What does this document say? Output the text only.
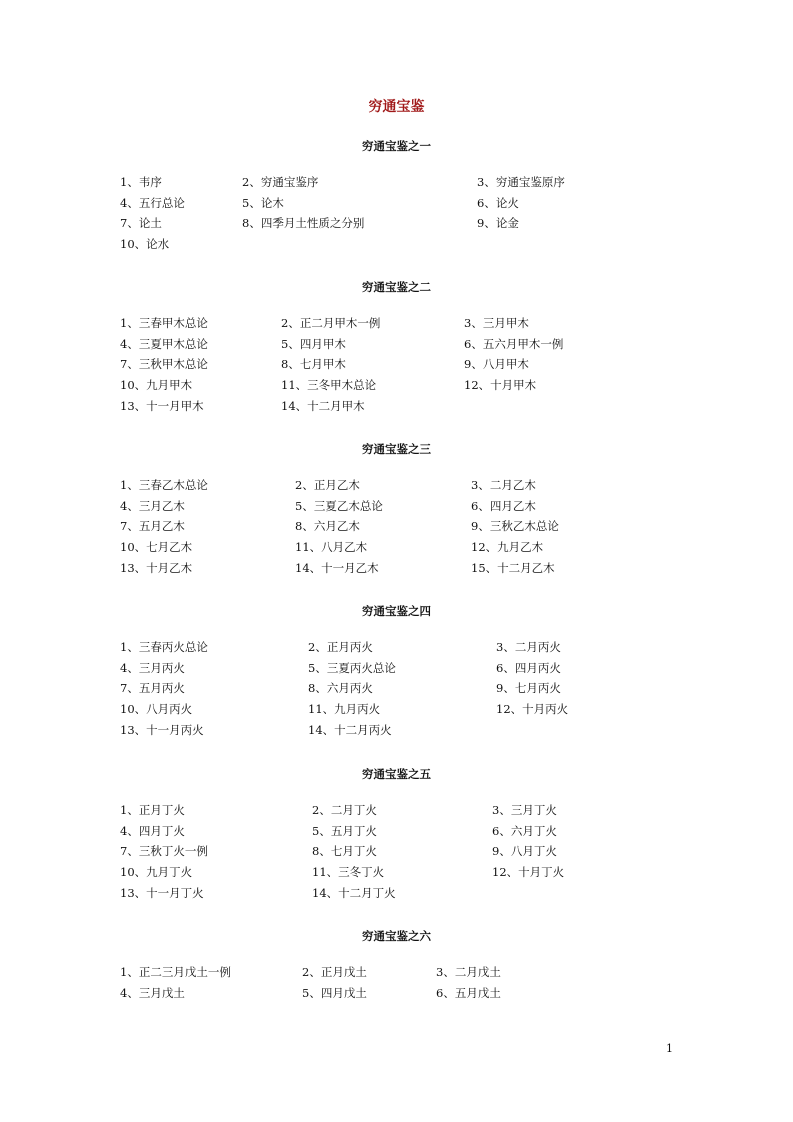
穷通宝鉴
穷通宝鉴之一
1、韦序	2、穷通宝鉴序	3、穷通宝鉴原序
4、五行总论	5、论木	6、论火
7、论土	8、四季月土性质之分别	9、论金
10、论水
穷通宝鉴之二
1、三春甲木总论	2、正二月甲木一例	3、三月甲木
4、三夏甲木总论	5、四月甲木	6、五六月甲木一例
7、三秋甲木总论	8、七月甲木	9、八月甲木
10、九月甲木	11、三冬甲木总论	12、十月甲木
13、十一月甲木	14、十二月甲木
穷通宝鉴之三
1、三春乙木总论	2、正月乙木	3、二月乙木
4、三月乙木	5、三夏乙木总论	6、四月乙木
7、五月乙木	8、六月乙木	9、三秋乙木总论
10、七月乙木	11、八月乙木	12、九月乙木
13、十月乙木	14、十一月乙木	15、十二月乙木
穷通宝鉴之四
1、三春丙火总论	2、正月丙火	3、二月丙火
4、三月丙火	5、三夏丙火总论	6、四月丙火
7、五月丙火	8、六月丙火	9、七月丙火
10、八月丙火	11、九月丙火	12、十月丙火
13、十一月丙火	14、十二月丙火
穷通宝鉴之五
1、正月丁火	2、二月丁火	3、三月丁火
4、四月丁火	5、五月丁火	6、六月丁火
7、三秋丁火一例	8、七月丁火	9、八月丁火
10、九月丁火	11、三冬丁火	12、十月丁火
13、十一月丁火	14、十二月丁火
穷通宝鉴之六
1、正二三月戊土一例	2、正月戊土	3、二月戊土
4、三月戊土	5、四月戊土	6、五月戊土
1
